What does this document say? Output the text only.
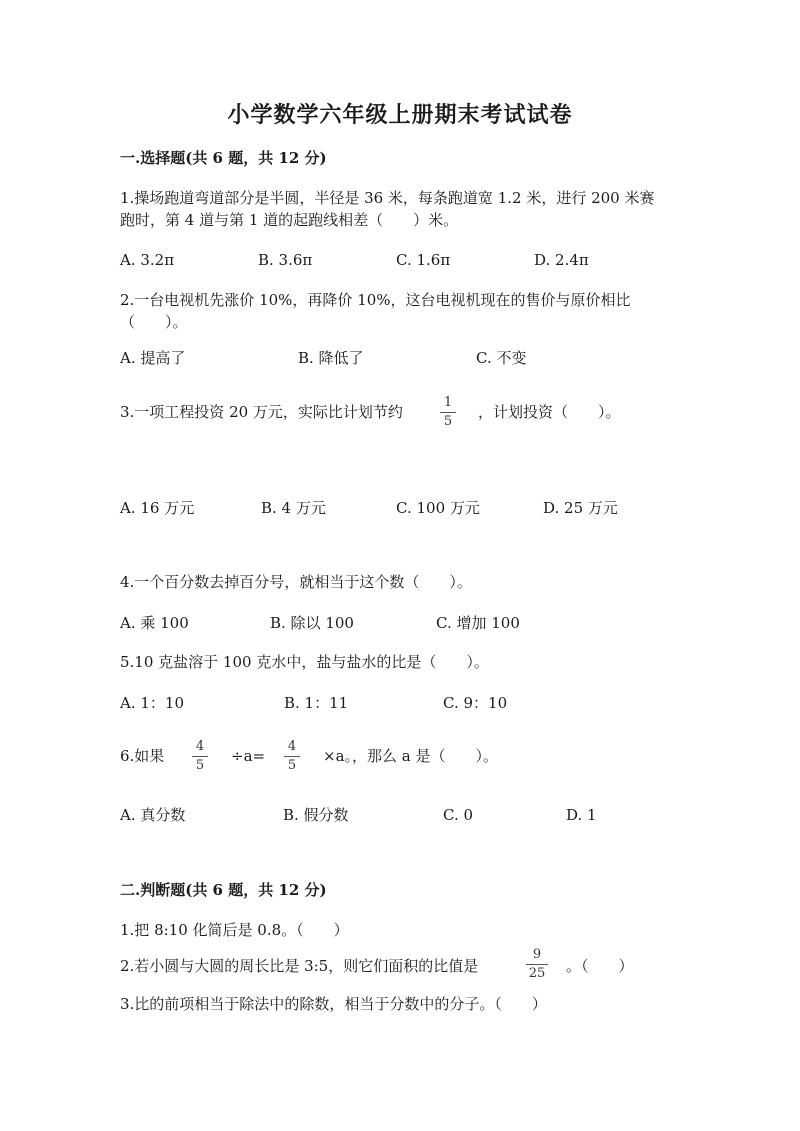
小学数学六年级上册期末考试试卷
一.选择题(共 6 题，共 12 分)
1.操场跑道弯道部分是半圆，半径是 36 米，每条跑道宽 1.2 米，进行 200 米赛
跑时，第 4 道与第 1 道的起跑线相差（　　）米。
A. 3.2π	B. 3.6π	C. 1.6π	D. 2.4π
2.一台电视机先涨价 10%，再降价 10%，这台电视机现在的售价与原价相比
（　　）。
A. 提高了	B. 降低了	C. 不变
3.一项工程投资 20 万元，实际比计划节约
1
5
，计划投资（　　）。
A. 16 万元	B. 4 万元	C. 100 万元	D. 25 万元
4.一个百分数去掉百分号，就相当于这个数（　　）。
A. 乘 100	B. 除以 100	C. 增加 100
5.10 克盐溶于 100 克水中，盐与盐水的比是（　　）。
A. 1：10	B. 1：11	C. 9：10
6.如果
4
5
÷a=
4
5
×a。，那么 a 是（　　）。
A. 真分数	B. 假分数	C. 0	D. 1
二.判断题(共 6 题，共 12 分)
1.把 8:10 化简后是 0.8。（　　）
2.若小圆与大圆的周长比是 3:5，则它们面积的比值是
9
25 。（　　）
3.比的前项相当于除法中的除数，相当于分数中的分子。（　　）
